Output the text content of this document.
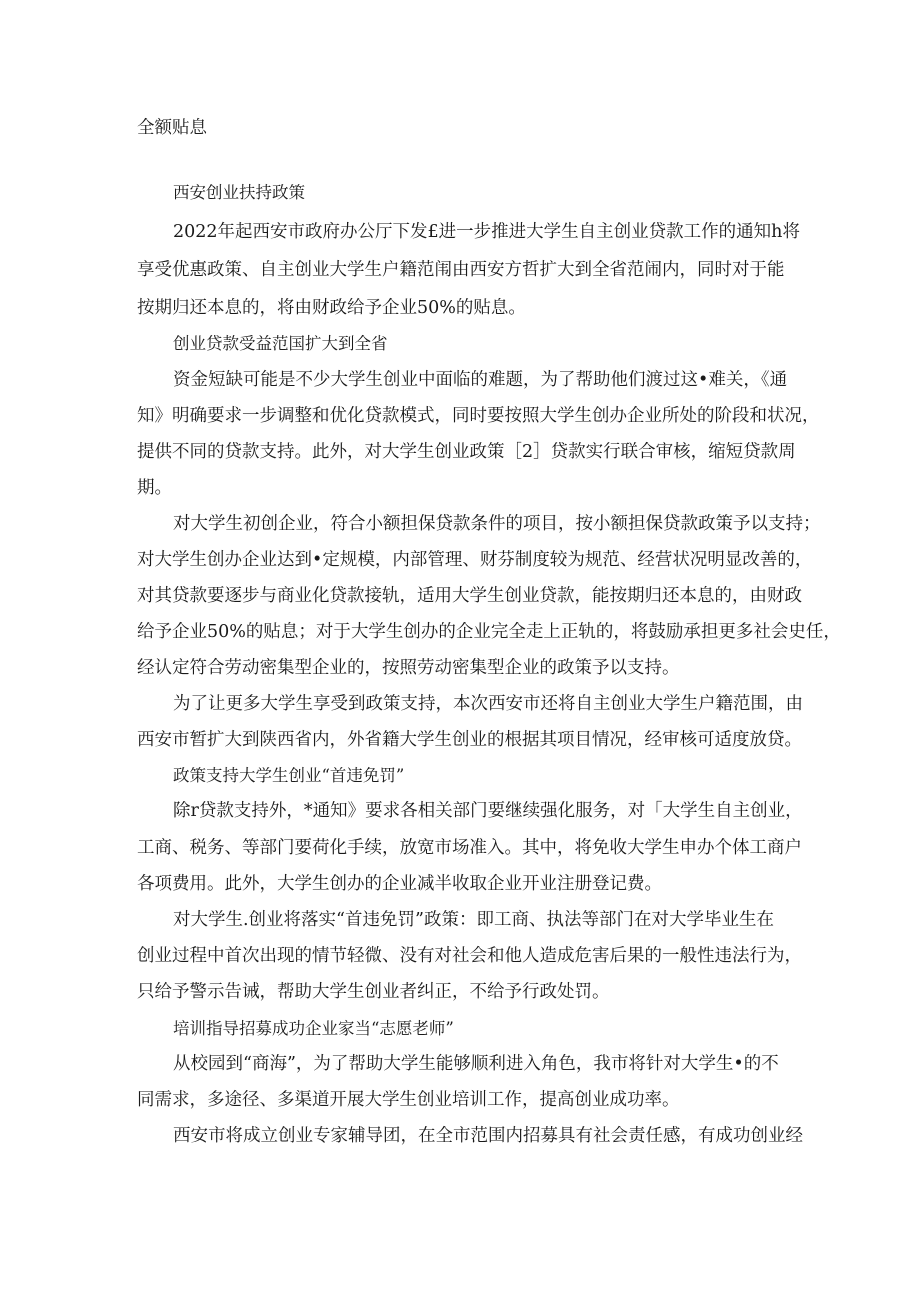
全额贴息
西安创业扶持政策
2022年起西安市政府办公厅下发£进一步推进大学生自主创业贷款工作的通知h将
享受优惠政策、自主创业大学生户籍范闱由西安方哲扩大到全省范闹内，同时对于能
按期归还本息的，将由财政给予企业50%的贴息。
创业贷款受益范国扩大到全省
资金短缺可能是不少大学生创业中面临的难题，为了帮助他们渡过这•难关，《通
知》明确要求一步调整和优化贷款模式，同时要按照大学生创办企业所处的阶段和状况，
提供不同的贷款支持。此外，对大学生创业政策［2］贷款实行联合审核，缩短贷款周
期。
对大学生初创企业，符合小额担保贷款条件的项目，按小额担保贷款政策予以支持；
对大学生创办企业达到•定规模，内部管理、财芬制度较为规范、经营状况明显改善的，
对其贷款要逐步与商业化贷款接轨，适用大学生创业贷款，能按期归还本息的，由财政
给予企业50%的贴息；对于大学生创办的企业完全走上正轨的，将鼓励承担更多社会史任，
经认定符合劳动密集型企业的，按照劳动密集型企业的政策予以支持。
为了让更多大学生享受到政策支持，本次西安市还将自主创业大学生户籍范围，由
西安市暂扩大到陕西省内，外省籍大学生创业的根据其项目情况，经审核可适度放贷。
政策支持大学生创业“首违免罚”
除r贷款支持外，*通知》要求各相关部门要继续强化服务，对「大学生自主创业，
工商、税务、等部门要荷化手续，放宽市场准入。其中，将免收大学生申办个体工商户
各项费用。此外，大学生创办的企业减半收取企业开业注册登记费。
对大学生.创业将落实“首违免罚”政策：即工商、执法等部门在对大学毕业生在
创业过程中首次出现的情节轻微、没有对社会和他人造成危害后果的一般性违法行为，
只给予警示告诫，帮助大学生创业者纠正，不给予行政处罚。
培训指导招募成功企业家当“志愿老师”
从校园到“商海”，为了帮助大学生能够顺利进入角色，我市将针对大学生•的不
同需求，多途径、多渠道开展大学生创业培训工作，提高创业成功率。
西安市将成立创业专家辅导团，在全市范围内招募具有社会责任感，有成功创业经
